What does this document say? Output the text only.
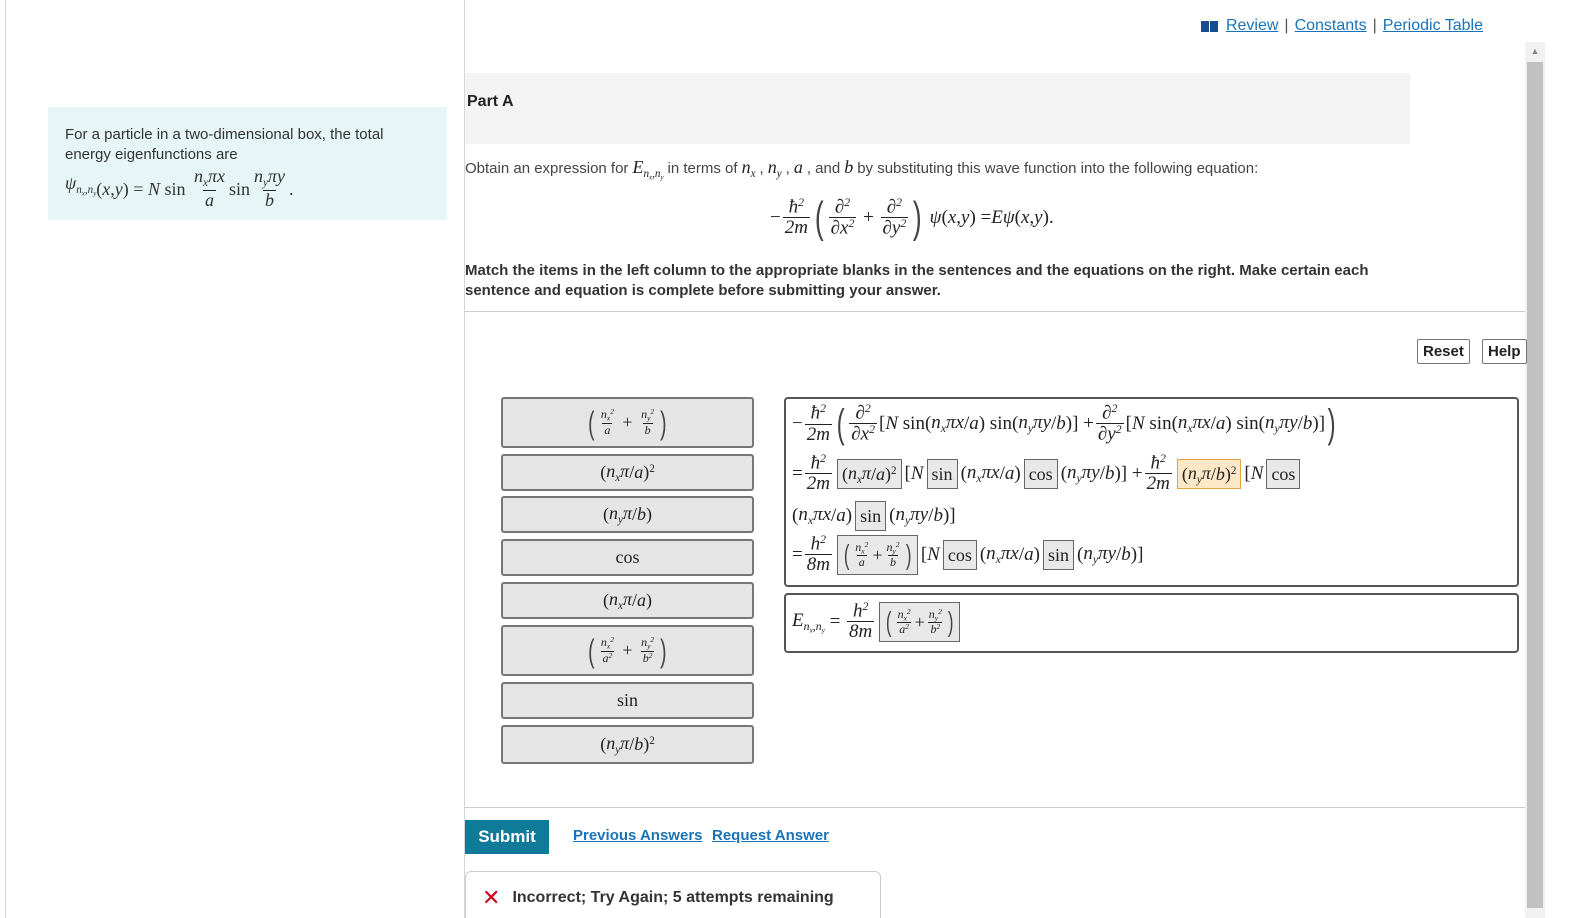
For a particle in a two-dimensional box, the total energy eigenfunctions are
$\psi_{n_x,n_y}$ ( x , y ) = N $\sin \frac{n_x\pi x}{a}$ $\sin \frac{n_y\pi y}{b}$ .
Review | Constants | Periodic Table
▲
Part A
Obtain an expression for $E_{n_x,n_y}$
in terms of $n_x$ , $n_y$ , a , and b by substituting this wave function into the following equation:
− $\frac{ħ^2}{2m}$ ( $\frac{\partial^2}{\partial x^2} + \frac{\partial^2}{\partial y^2}$ ) ψ ( x , y ) = Eψ ( x , y ).
Match the items in the left column to the appropriate blanks in the sentences and the equations on the right. Make certain each sentence and equation is complete before submitting your answer.
Reset	Help
( $\frac{n_x^2}{a} + \frac{n_y^2}{b}$ )
( $n_x\pi$ / a )$^2$
( $n_y\pi$ / b )
cos
( $n_x\pi$ / a )
( $\frac{n_x^2}{a^2} + \frac{n_y^2}{b^2}$ )
sin
( $n_y\pi$ / b )$^2$
− $\frac{ħ^2}{2m}$ ( $\frac{\partial^2}{\partial x^2}$ [ N sin( $n_x\pi x$ / a ) sin( $n_y\pi y$ / b )] + $\frac{\partial^2}{\partial y^2}$ [ N sin( $n_x\pi x$ / a ) sin( $n_y\pi y$ / b )] )
= $\frac{ħ^2}{2m}$ ( $n_x\pi$ / a )$^2$ [ N sin ( $n_x\pi x$ / a ) cos ( $n_y\pi y$ / b )] + $\frac{ħ^2}{2m}$ ( $n_y\pi$ / b )$^2$ [ N cos
( $n_x\pi x$ / a ) sin ( $n_y\pi y$ / b )]
= $\frac{h^2}{8m}$ ( $\frac{n_x^2}{a} + \frac{n_y^2}{b}$ ) [ N cos ( $n_x\pi x$ / a ) sin ( $n_y\pi y$ / b )]
$E_{n_x,n_y} = \frac{h^2}{8m}$ ( $\frac{n_x^2}{a^2} + \frac{n_y^2}{b^2}$ )
Submit	Previous Answers Request Answer
✕ Incorrect; Try Again; 5 attempts remaining
